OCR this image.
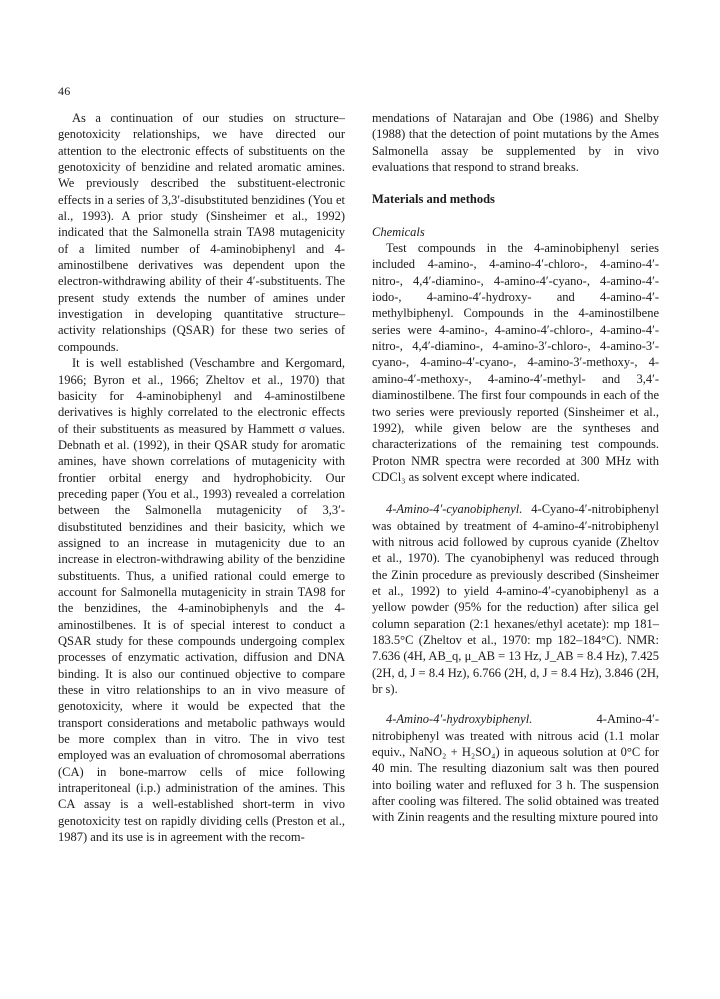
46

As a continuation of our studies on structure–genotoxicity relationships, we have directed our attention to the electronic effects of substituents on the genotoxicity of benzidine and related aromatic amines. We previously described the substituent-electronic effects in a series of 3,3′-disubstituted benzidines (You et al., 1993). A prior study (Sinsheimer et al., 1992) indicated that the Salmonella strain TA98 mutagenicity of a limited number of 4-aminobiphenyl and 4-aminostilbene derivatives was dependent upon the electron-withdrawing ability of their 4′-substituents. The present study extends the number of amines under investigation in developing quantitative structure–activity relationships (QSAR) for these two series of compounds.

It is well established (Veschambre and Kergomard, 1966; Byron et al., 1966; Zheltov et al., 1970) that basicity for 4-aminobiphenyl and 4-aminostilbene derivatives is highly correlated to the electronic effects of their substituents as measured by Hammett σ values. Debnath et al. (1992), in their QSAR study for aromatic amines, have shown correlations of mutagenicity with frontier orbital energy and hydrophobicity. Our preceding paper (You et al., 1993) revealed a correlation between the Salmonella mutagenicity of 3,3′-disubstituted benzidines and their basicity, which we assigned to an increase in mutagenicity due to an increase in electron-withdrawing ability of the benzidine substituents. Thus, a unified rational could emerge to account for Salmonella mutagenicity in strain TA98 for the benzidines, the 4-aminobiphenyls and the 4-aminostilbenes. It is of special interest to conduct a QSAR study for these compounds undergoing complex processes of enzymatic activation, diffusion and DNA binding. It is also our continued objective to compare these in vitro relationships to an in vivo measure of genotoxicity, where it would be expected that the transport considerations and metabolic pathways would be more complex than in vitro. The in vivo test employed was an evaluation of chromosomal aberrations (CA) in bone-marrow cells of mice following intraperitoneal (i.p.) administration of the amines. This CA assay is a well-established short-term in vivo genotoxicity test on rapidly dividing cells (Preston et al., 1987) and its use is in agreement with the recom-

mendations of Natarajan and Obe (1986) and Shelby (1988) that the detection of point mutations by the Ames Salmonella assay be supplemented by in vivo evaluations that respond to strand breaks.

Materials and methods
Chemicals

Test compounds in the 4-aminobiphenyl series included 4-amino-, 4-amino-4′-chloro-, 4-amino-4′-nitro-, 4,4′-diamino-, 4-amino-4′-cyano-, 4-amino-4′-iodo-, 4-amino-4′-hydroxy- and 4-amino-4′-methylbiphenyl. Compounds in the 4-aminostilbene series were 4-amino-, 4-amino-4′-chloro-, 4-amino-4′-nitro-, 4,4′-diamino-, 4-amino-3′-chloro-, 4-amino-3′-cyano-, 4-amino-4′-cyano-, 4-amino-3′-methoxy-, 4-amino-4′-methoxy-, 4-amino-4′-methyl- and 3,4′-diaminostilbene. The first four compounds in each of the two series were previously reported (Sinsheimer et al., 1992), while given below are the syntheses and characterizations of the remaining test compounds. Proton NMR spectra were recorded at 300 MHz with CDCl₃ as solvent except where indicated.

4-Amino-4′-cyanobiphenyl. 4-Cyano-4′-nitrobiphenyl was obtained by treatment of 4-amino-4′-nitrobiphenyl with nitrous acid followed by cuprous cyanide (Zheltov et al., 1970). The cyanobiphenyl was reduced through the Zinin procedure as previously described (Sinsheimer et al., 1992) to yield 4-amino-4′-cyanobiphenyl as a yellow powder (95% for the reduction) after silica gel column separation (2:1 hexanes/ethyl acetate): mp 181–183.5°C (Zheltov et al., 1970: mp 182–184°C). NMR: 7.636 (4H, AB_q, μ_AB = 13 Hz, J_AB = 8.4 Hz), 7.425 (2H, d, J = 8.4 Hz), 6.766 (2H, d, J = 8.4 Hz), 3.846 (2H, br s).

4-Amino-4′-hydroxybiphenyl. 4-Amino-4′-nitrobiphenyl was treated with nitrous acid (1.1 molar equiv., NaNO₂ + H₂SO₄) in aqueous solution at 0°C for 40 min. The resulting diazonium salt was then poured into boiling water and refluxed for 3 h. The suspension after cooling was filtered. The solid obtained was treated with Zinin reagents and the resulting mixture poured into
